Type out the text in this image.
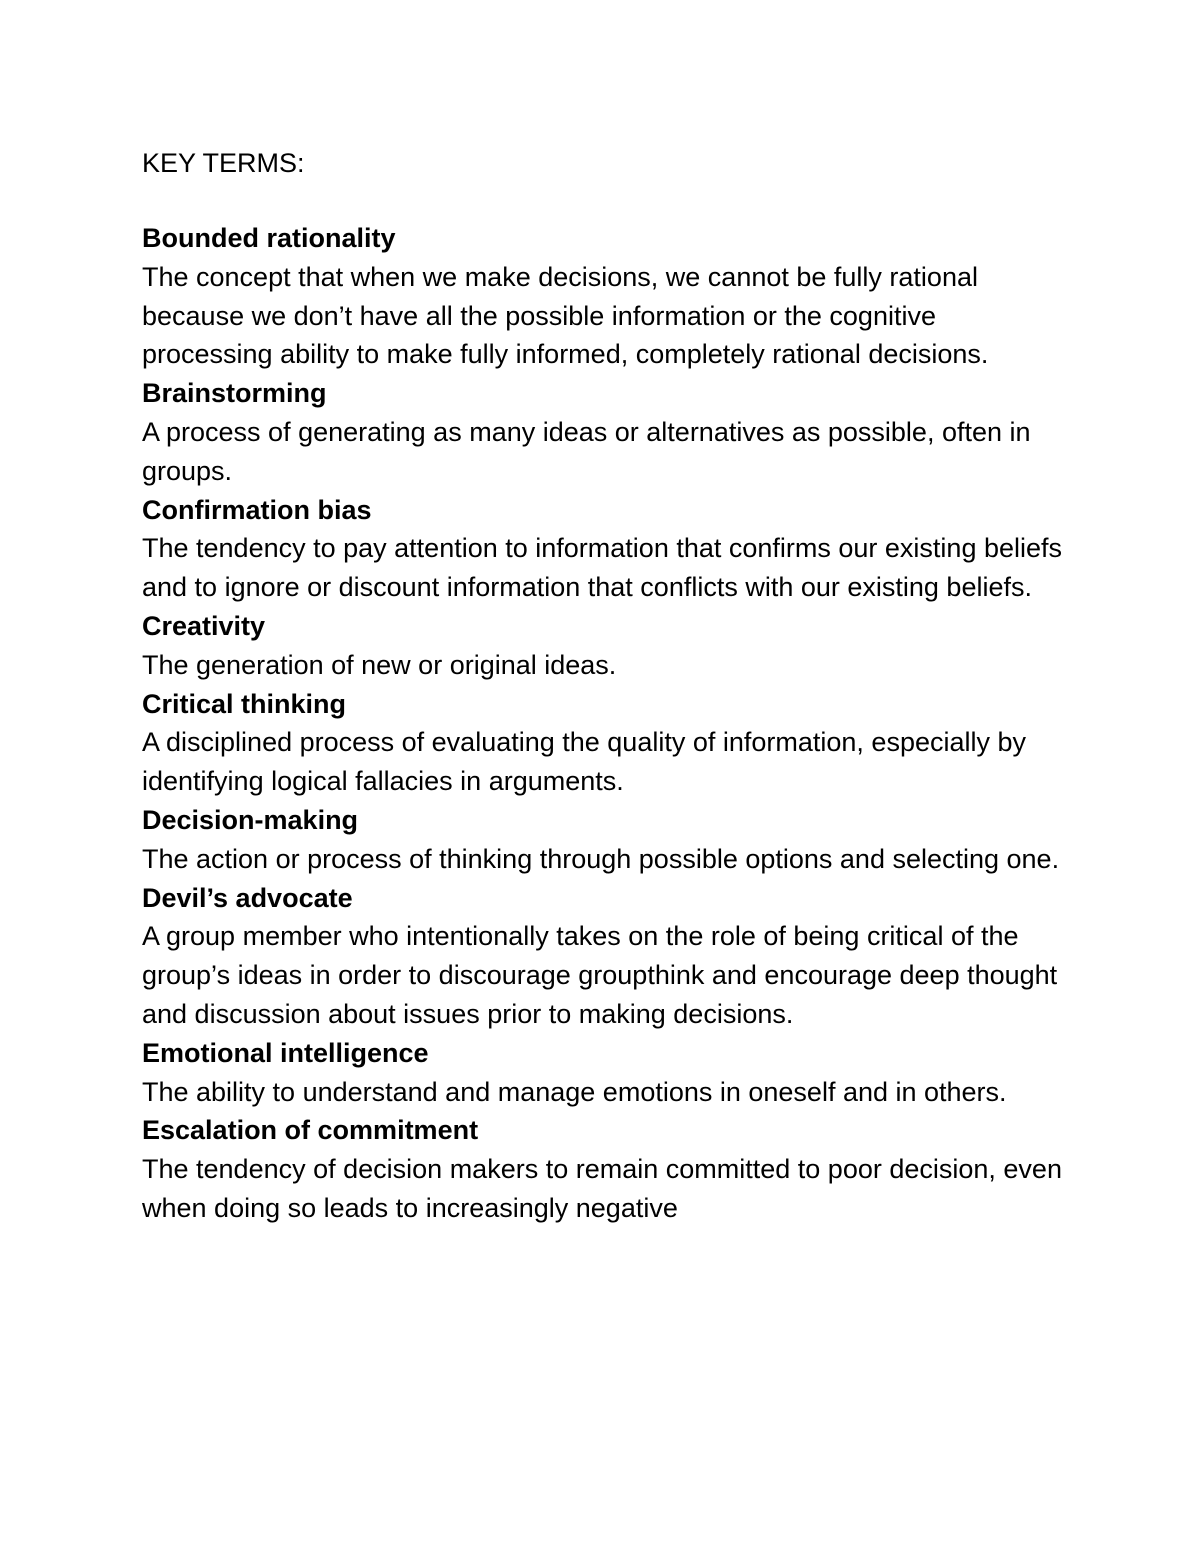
KEY TERMS:
Bounded rationality
The concept that when we make decisions, we cannot be fully rational because we don’t have all the possible information or the cognitive processing ability to make fully informed, completely rational decisions.
Brainstorming
A process of generating as many ideas or alternatives as possible, often in groups.
Confirmation bias
The tendency to pay attention to information that confirms our existing beliefs and to ignore or discount information that conflicts with our existing beliefs.
Creativity
The generation of new or original ideas.
Critical thinking
A disciplined process of evaluating the quality of information, especially by identifying logical fallacies in arguments.
Decision-making
The action or process of thinking through possible options and selecting one.
Devil’s advocate
A group member who intentionally takes on the role of being critical of the group’s ideas in order to discourage groupthink and encourage deep thought and discussion about issues prior to making decisions.
Emotional intelligence
The ability to understand and manage emotions in oneself and in others.
Escalation of commitment
The tendency of decision makers to remain committed to poor decision, even when doing so leads to increasingly negative
